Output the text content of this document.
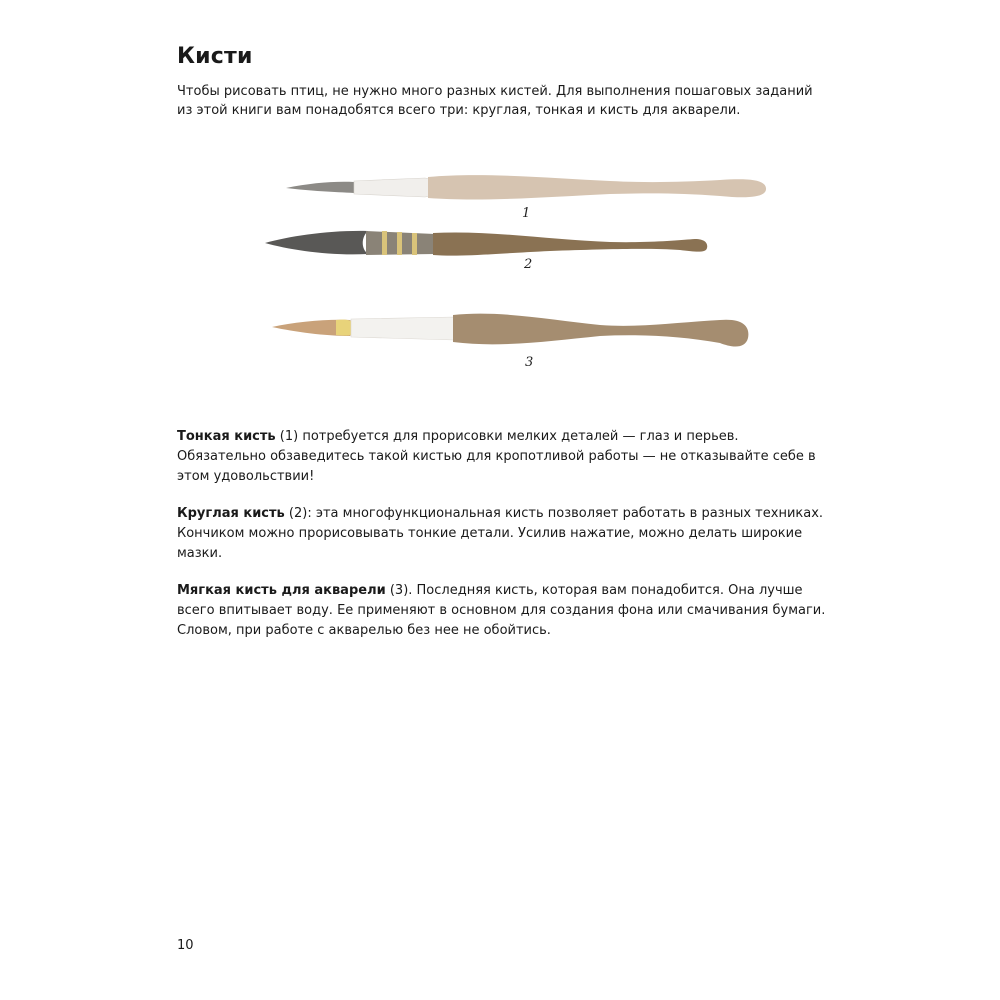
Кисти

Чтобы рисовать птиц, не нужно много разных кистей. Для выполнения пошаговых заданий из этой книги вам понадобятся всего три: круглая, тонкая и кисть для акварели.

1
2
3

Тонкая кисть (1) потребуется для прорисовки мелких деталей — глаз и перьев. Обязательно обзаведитесь такой кистью для кропотливой работы — не отказывайте себе в этом удовольствии!

Круглая кисть (2): эта многофункциональная кисть позволяет работать в разных техниках. Кончиком можно прорисовывать тонкие детали. Усилив нажатие, можно делать широкие мазки.

Мягкая кисть для акварели (3). Последняя кисть, которая вам понадобится. Она лучше всего впитывает воду. Ее применяют в основном для создания фона или смачивания бумаги. Словом, при работе с акварелью без нее не обойтись.

10
